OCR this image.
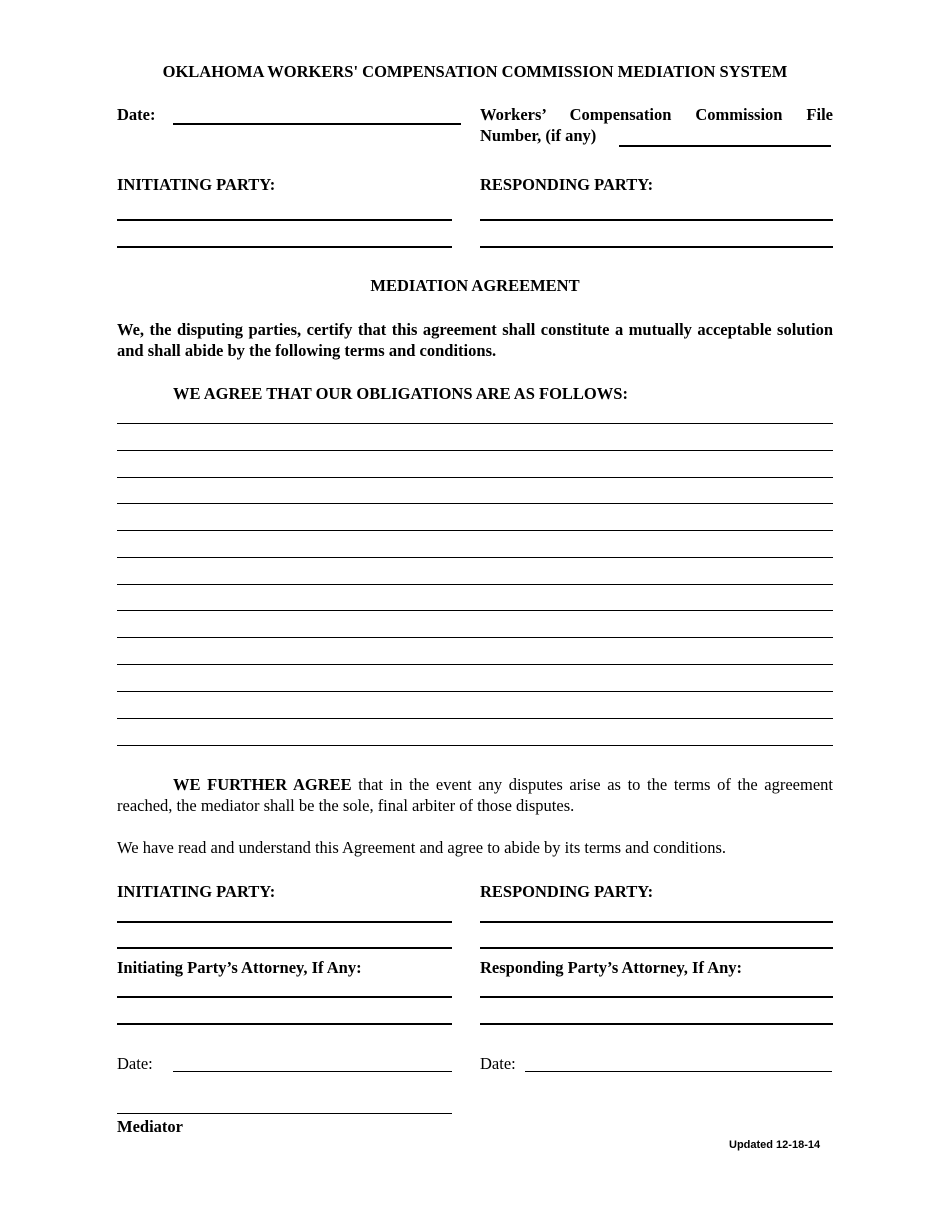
OKLAHOMA WORKERS' COMPENSATION COMMISSION MEDIATION SYSTEM
Date:	Workers’ Compensation Commission File
Number, (if any)
INITIATING PARTY:	RESPONDING PARTY:
MEDIATION AGREEMENT
We, the disputing parties, certify that this agreement shall constitute a mutually acceptable solution and shall abide by the following terms and conditions.
WE AGREE THAT OUR OBLIGATIONS ARE AS FOLLOWS:
WE FURTHER AGREE that in the event any disputes arise as to the terms of the agreement reached, the mediator shall be the sole, final arbiter of those disputes.
We have read and understand this Agreement and agree to abide by its terms and conditions.
INITIATING PARTY:	RESPONDING PARTY:
Initiating Party’s Attorney, If Any:	Responding Party’s Attorney, If Any:
Date:	Date:
Mediator
Updated 12-18-14
